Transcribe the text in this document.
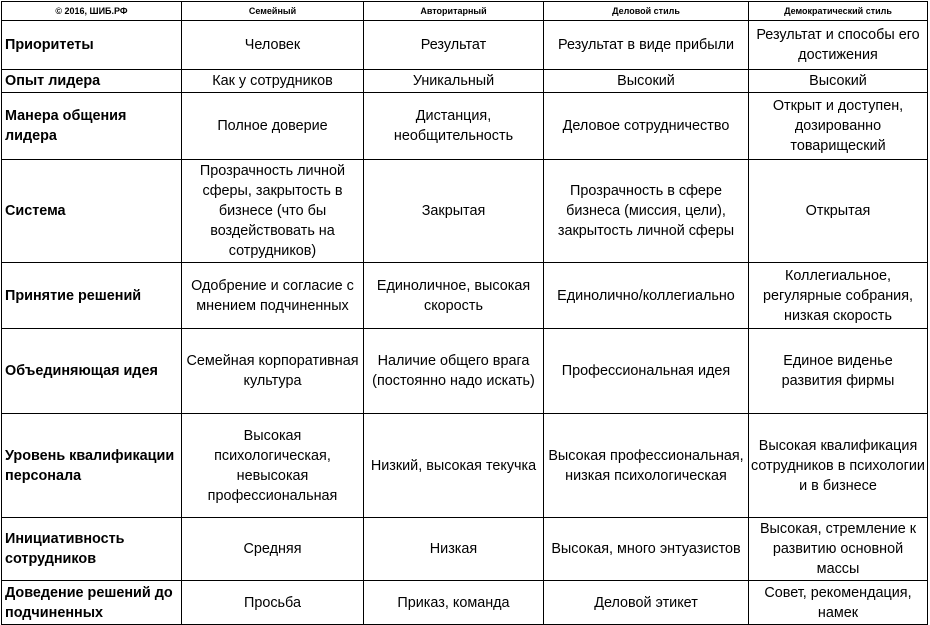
© 2016, ШИБ.РФ	Семейный	Авторитарный	Деловой стиль	Демократический стиль
Приоритеты	Человек	Результат	Результат в виде прибыли	Результат и способы его достижения
Опыт лидера	Как у сотрудников	Уникальный	Высокий	Высокий
Манера общения лидера	Полное доверие	Дистанция, необщительность	Деловое сотрудничество	Открыт и доступен, дозированно товарищеский
Система	Прозрачность личной сферы, закрытость в бизнесе (что бы воздействовать на сотрудников)	Закрытая	Прозрачность в сфере бизнеса (миссия, цели), закрытость личной сферы	Открытая
Принятие решений	Одобрение и согласие с мнением подчиненных	Единоличное, высокая скорость	Единолично/коллегиально	Коллегиальное, регулярные собрания, низкая скорость
Объединяющая идея	Семейная корпоративная культура	Наличие общего врага (постоянно надо искать)	Профессиональная идея	Единое виденье развития фирмы
Уровень квалификации персонала	Высокая психологическая, невысокая профессиональная	Низкий, высокая текучка	Высокая профессиональная, низкая психологическая	Высокая квалификация сотрудников в психологии и в бизнесе
Инициативность сотрудников	Средняя	Низкая	Высокая, много энтуазистов	Высокая, стремление к развитию основной массы
Доведение решений до подчиненных	Просьба	Приказ, команда	Деловой этикет	Совет, рекомендация, намек
